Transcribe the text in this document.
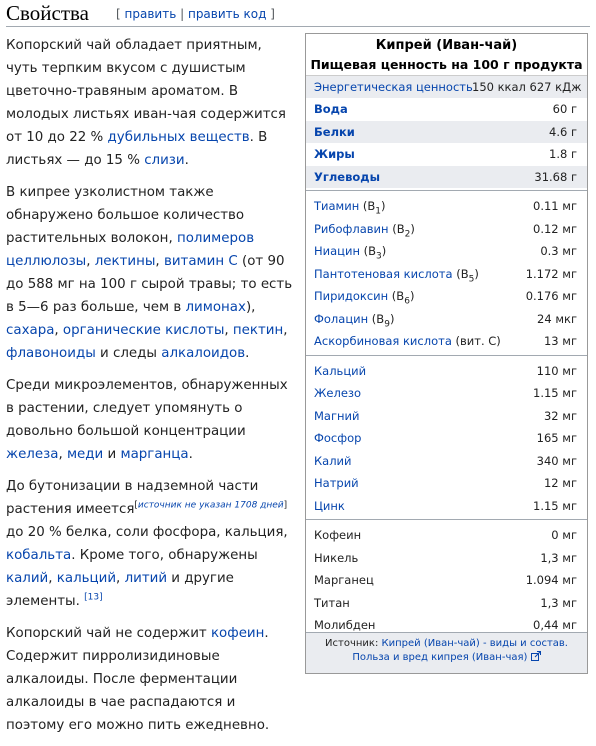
Свойства [ править | править код ]

Копорский чай обладает приятным, чуть терпким вкусом с душистым цветочно-травяным ароматом. В молодых листьях иван-чая содержится от 10 до 22 % дубильных веществ. В листьях — до 15 % слизи.

В кипрее узколистном также обнаружено большое количество растительных волокон, полимеров целлюлозы, лектины, витамин C (от 90 до 588 мг на 100 г сырой травы; то есть в 5—6 раз больше, чем в лимонах), сахара, органические кислоты, пектин, флавоноиды и следы алкалоидов.

Среди микроэлементов, обнаруженных в растении, следует упомянуть о довольно большой концентрации железа, меди и марганца.

До бутонизации в надземной части растения имеется[источник не указан 1708 дней] до 20 % белка, соли фосфора, кальция, кобальта. Кроме того, обнаружены калий, кальций, литий и другие элементы. [13]

Копорский чай не содержит кофеин. Содержит пирролизидиновые алкалоиды. После ферментации алкалоиды в чае распадаются и поэтому его можно пить ежедневно.

Кипрей (Иван-чай)
Пищевая ценность на 100 г продукта
Энергетическая ценность 150 ккал 627 кДж
Вода	60 г
Белки	4.6 г
Жиры	1.8 г
Углеводы	31.68 г
Тиамин $(B_1)$	0.11 мг
Рибофлавин $(B_2)$	0.12 мг
Ниацин $(B_3)$	0.3 мг
Пантотеновая кислота $(B_5)$	1.172 мг
Пиридоксин $(B_6)$	0.176 мг
Фолацин $(B_9)$	24 мкг
Аскорбиновая кислота (вит. C)	13 мг
Кальций	110 мг
Железо	1.15 мг
Магний	32 мг
Фосфор	165 мг
Калий	340 мг
Натрий	12 мг
Цинк	1.15 мг
Кофеин	0 мг
Никель	1,3 мг
Марганец	1.094 мг
Титан	1,3 мг
Молибден	0,44 мг
Источник: Кипрей (Иван-чай) - виды и состав.
Польза и вред кипрея (Иван-чая)
